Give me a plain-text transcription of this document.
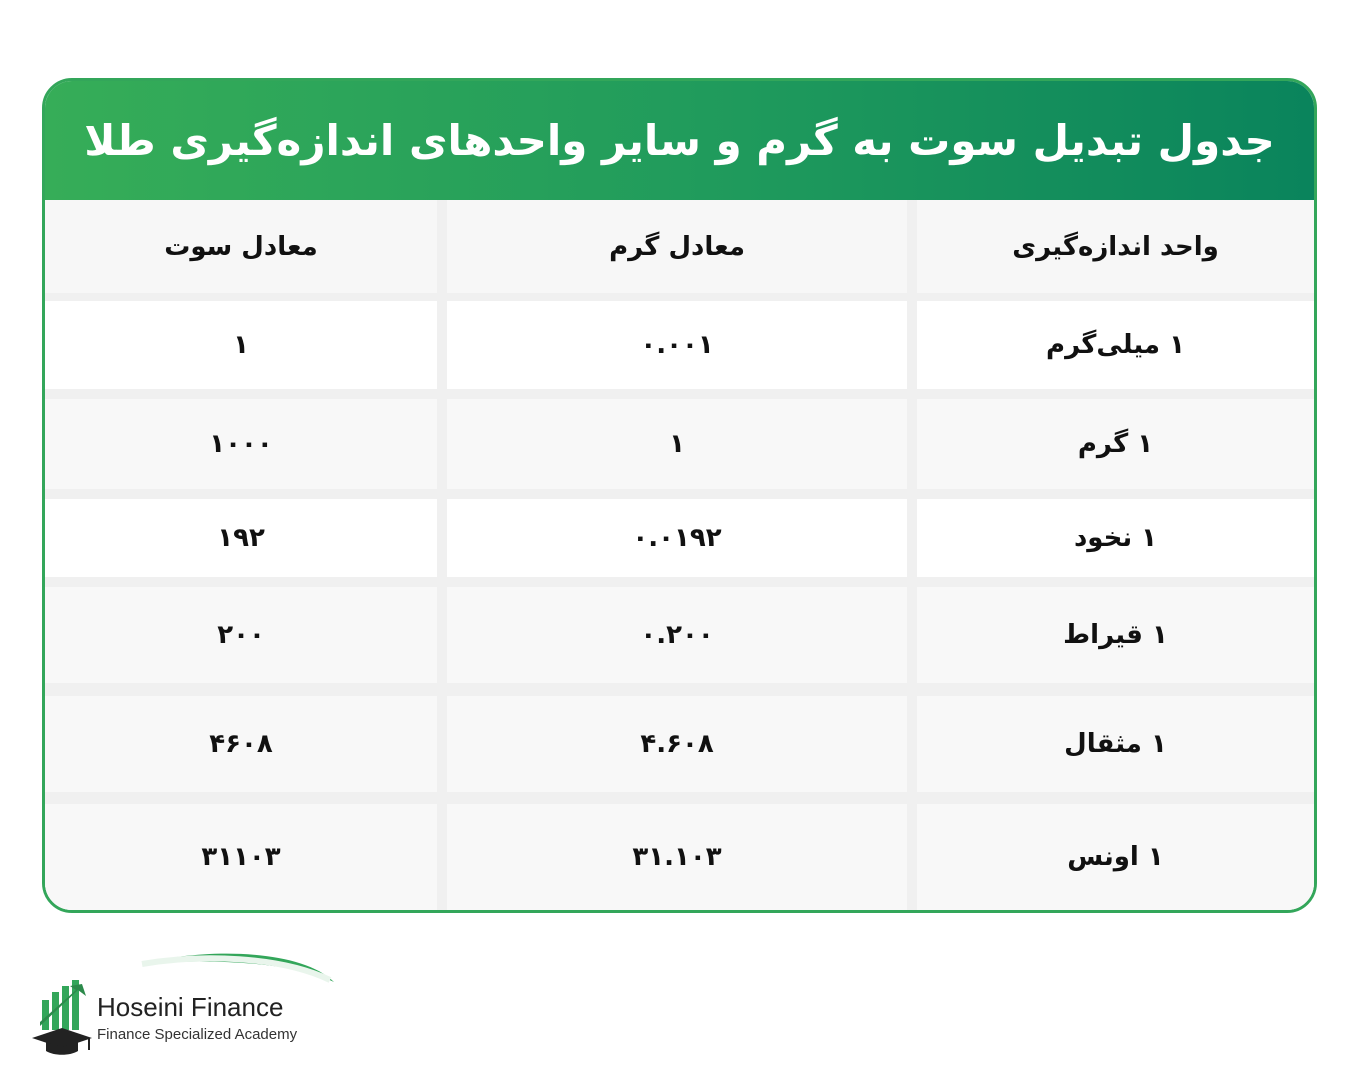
جدول تبدیل سوت به گرم و سایر واحدهای اندازه‌گیری طلا
واحد اندازه‌گیری
معادل گرم
معادل سوت
۱ میلی‌گرم
۰.۰۰۱
۱
۱ گرم
۱
۱۰۰۰
۱ نخود
۰.۰۱۹۲
۱۹۲
۱ قیراط
۰.۲۰۰
۲۰۰
۱ مثقال
۴.۶۰۸
۴۶۰۸
۱ اونس
۳۱.۱۰۳
۳۱۱۰۳
Hoseini Finance
Finance Specialized Academy
